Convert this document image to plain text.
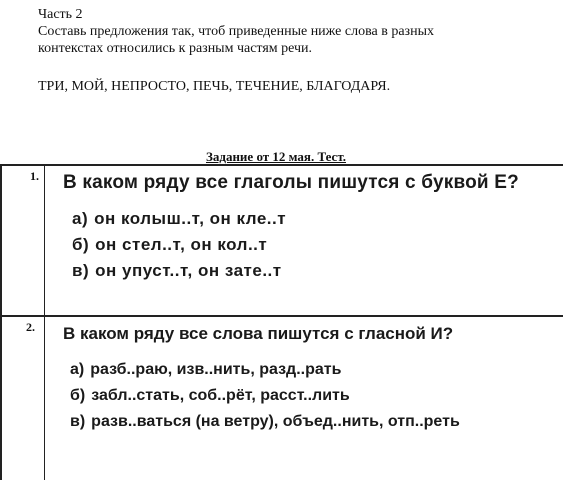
Часть 2
Составь предложения так, чтоб приведенные ниже слова в разных
контекстах относились к разным частям речи.
ТРИ, МОЙ, НЕПРОСТО, ПЕЧЬ, ТЕЧЕНИЕ, БЛАГОДАРЯ.
Задание от 12 мая. Тест.
1. В каком ряду все глаголы пишутся с буквой Е?
а) он колыш..т, он кле..т
б) он стел..т, он кол..т
в) он упуст..т, он зате..т
2. В каком ряду все слова пишутся с гласной И?
а) разб..раю, изв..нить, разд..рать
б) забл..стать, соб..рёт, расст..лить
в) разв..ваться (на ветру), объед..нить, отп..реть
